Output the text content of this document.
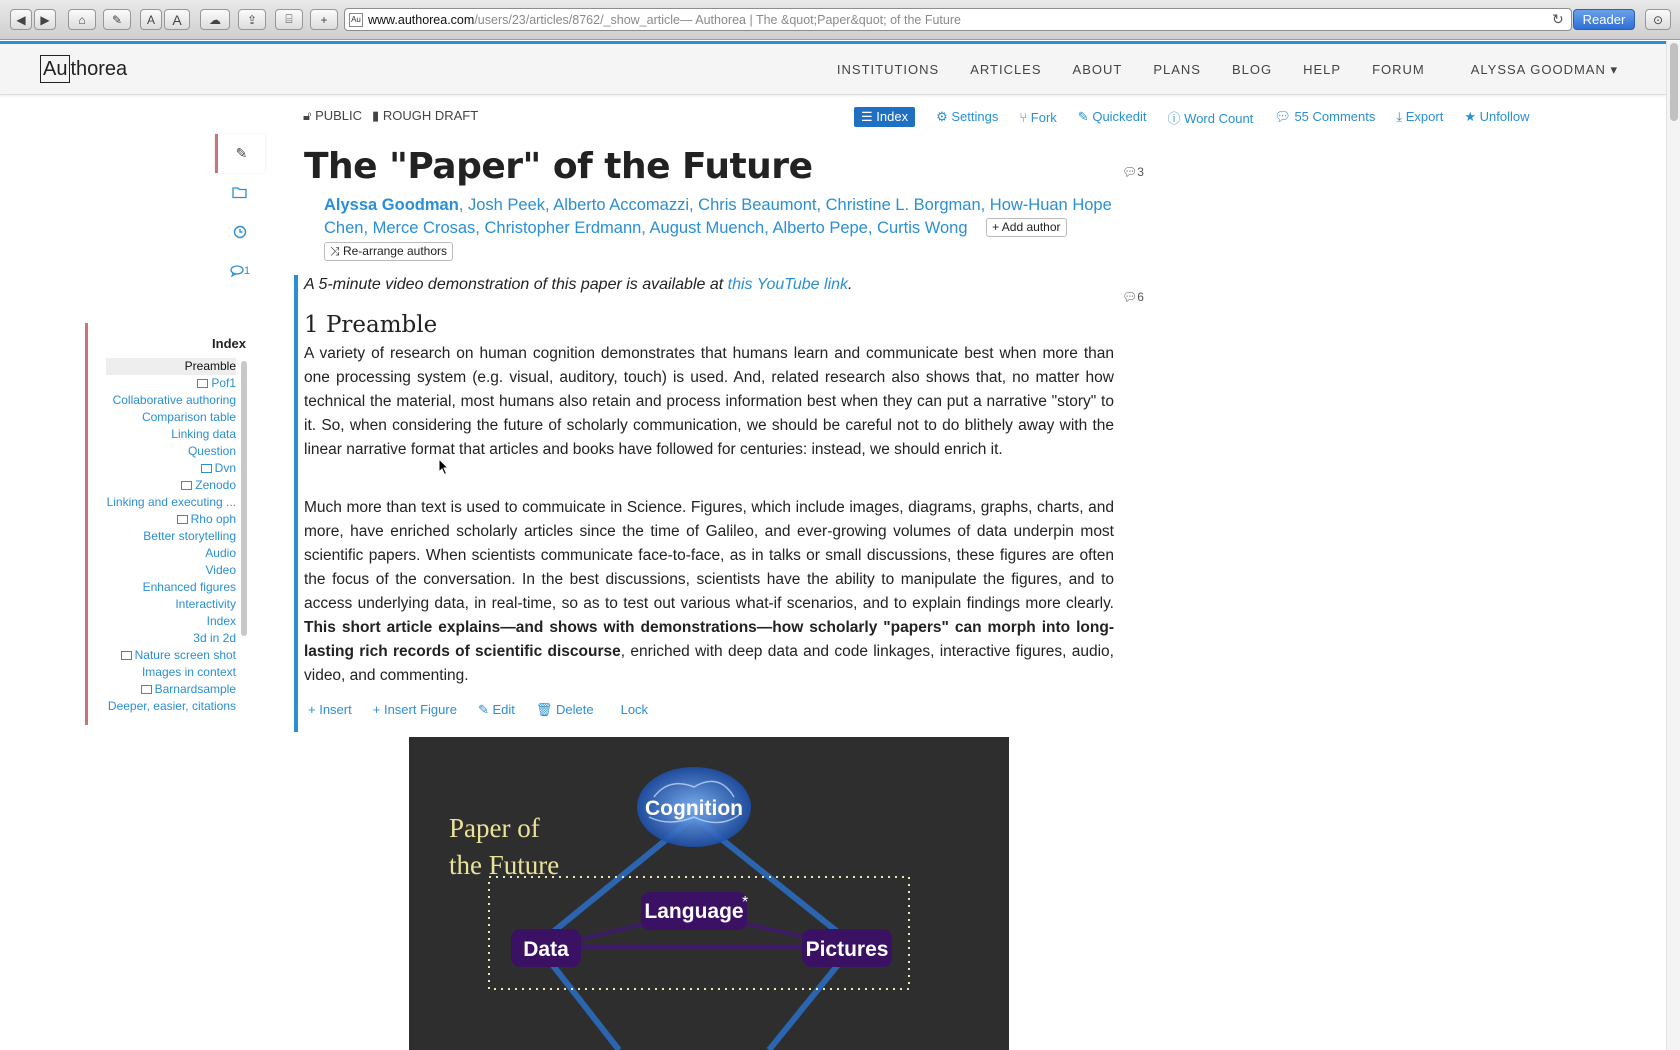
◀	▶	⌂	✎	A A	☁	⇪	⌸	+	Au www.authorea.com /users/23/articles/8762/_show_article — Authorea | The &quot;Paper&quot; of the Future	↻	Reader	⊙
Au thorea	INSTITUTIONS ARTICLES ABOUT PLANS BLOG HELP FORUM	ALYSSA GOODMAN ▾
✎
1
Index
Preamble
Pof1
Collaborative authoring
Comparison table
Linking data
Question
Dvn
Zenodo
Linking and executing ...
Rho oph
Better storytelling
Audio
Video
Enhanced figures
Interactivity
Index
3d in 2d
Nature screen shot
Images in context
Barnardsample
Deeper, easier, citations
🔓︎ PUBLIC ▮ ROUGH DRAFT	☰ Index	⚙ Settings ⑂ Fork ✎ Quickedit ⓘ Word Count 💬︎ 55 Comments ⤓ Export ★ Unfollow
The "Paper" of the Future	💬︎3
Alyssa Goodman, Josh Peek, Alberto Accomazzi, Chris Beaumont, Christine L. Borgman, How-Huan Hope Chen, Merce Crosas, Christopher Erdmann, August Muench, Alberto Pepe, Curtis Wong + Add author
⤨ Re-arrange authors
A 5-minute video demonstration of this paper is available at this YouTube link.
💬︎6
1 Preamble

A variety of research on human cognition demonstrates that humans learn and communicate best when more than one processing system (e.g. visual, auditory, touch) is used. And, related research also shows that, no matter how technical the material, most humans also retain and process information best when they can put a narrative "story" to it. So, when considering the future of scholarly communication, we should be careful not to do blithely away with the linear narrative format that articles and books have followed for centuries: instead, we should enrich it.

Much more than text is used to commuicate in Science. Figures, which include images, diagrams, graphs, charts, and more, have enriched scholarly articles since the time of Galileo, and ever-growing volumes of data underpin most scientific papers. When scientists communicate face-to-face, as in talks or small discussions, these figures are often the focus of the conversation. In the best discussions, scientists have the ability to manipulate the figures, and to access underlying data, in real-time, so as to test out various what-if scenarios, and to explain findings more clearly. This short article explains—and shows with demonstrations—how scholarly "papers" can morph into long-lasting rich records of scientific discourse, enriched with deep data and code linkages, interactive figures, audio, video, and commenting.

+ Insert + Insert Figure ✎ Edit 🗑︎ Delete Lock
Cognition
Paper of
the Future
Language
*
Data	Pictures
